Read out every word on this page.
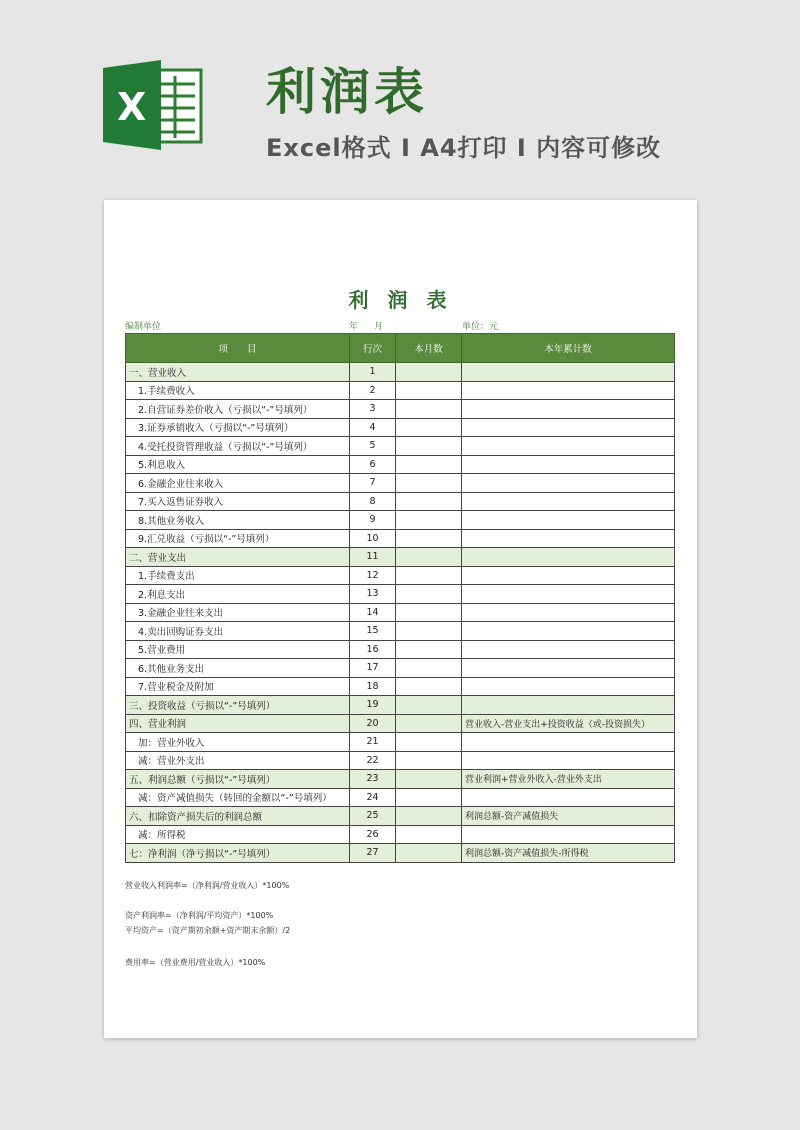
X 利润表
Excel格式 I A4打印 I 内容可修改
利 润 表
编制单位	年 月	单位：元
项　　目	行次	本月数	本年累计数
一、营业收入	1		
1.手续费收入	2		
2.自营证券差价收入（亏损以“-”号填列）	3		
3.证券承销收入（亏损以“-”号填列）	4		
4.受托投资管理收益（亏损以“-”号填列）	5		
5.利息收入	6		
6.金融企业往来收入	7		
7.买入返售证券收入	8		
8.其他业务收入	9		
9.汇兑收益（亏损以“-”号填列）	10		
二、营业支出	11		
1.手续费支出	12		
2.利息支出	13		
3.金融企业往来支出	14		
4.卖出回购证券支出	15		
5.营业费用	16		
6.其他业务支出	17		
7.营业税金及附加	18		
三、投资收益（亏损以“-”号填列）	19		
四、营业利润	20		营业收入-营业支出+投资收益（或-投资损失）
加：营业外收入	21		
减：营业外支出	22		
五、利润总额（亏损以“-”号填列）	23		营业利润+营业外收入-营业外支出
减：资产减值损失（转回的金额以“-”号填列）	24		
六、扣除资产损失后的利润总额	25		利润总额-资产减值损失
减：所得税	26		
七：净利润（净亏损以“-”号填列）	27		利润总额-资产减值损失-所得税
营业收入利润率=（净利润/营业收入）*100%
资产利润率=（净利润/平均资产）*100%
平均资产=（资产期初余额+资产期末余额）/2
费用率=（营业费用/营业收入）*100%
